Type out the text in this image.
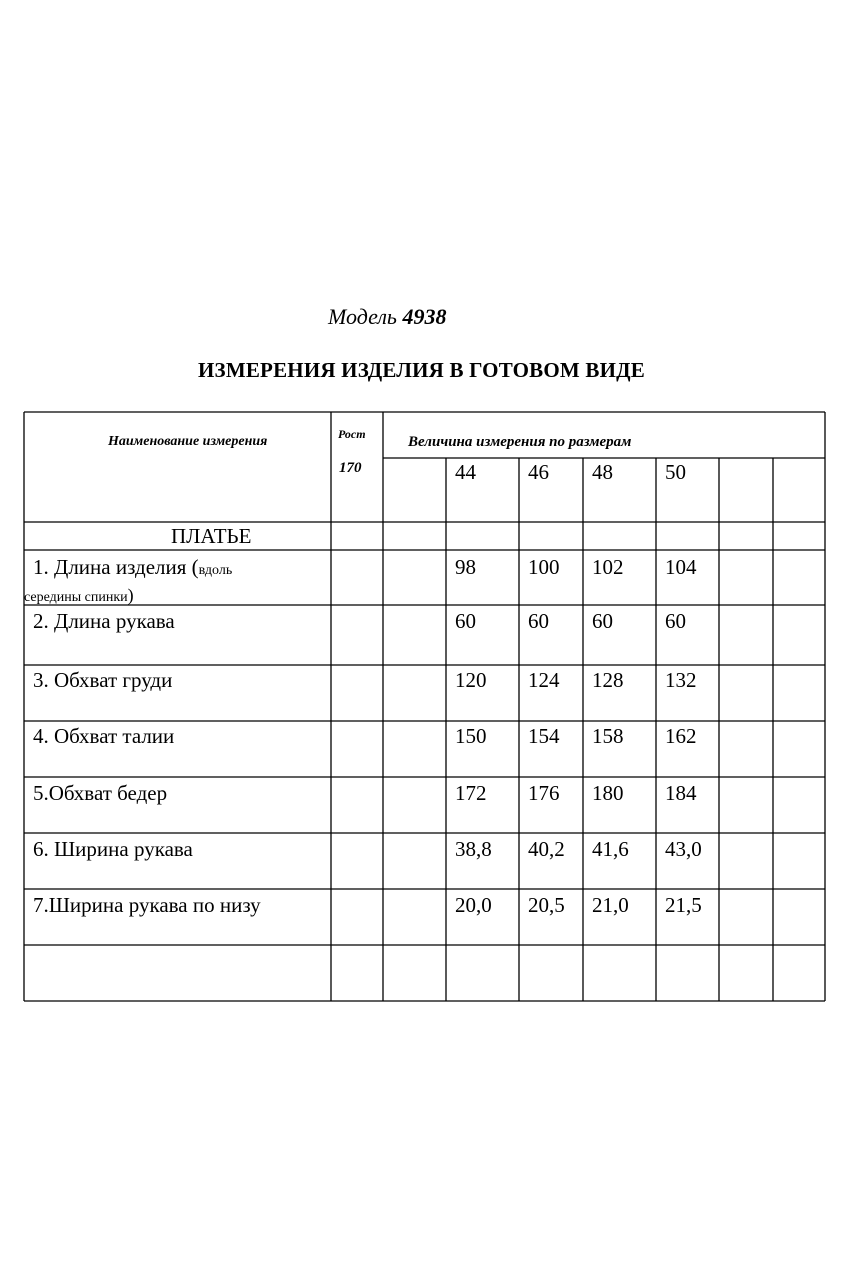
Модель 4938
ИЗМЕРЕНИЯ ИЗДЕЛИЯ В ГОТОВОМ ВИДЕ
Наименование измерения	Рост
170
Величина измерения по размерам
44 46 48 50
ПЛАТЬЕ
1. Длина изделия (вдоль
середины спинки)
98 100 102 104
2. Длина рукава	60 60 60 60
3. Обхват груди	120 124 128 132
4. Обхват талии	150 154 158 162
5.Обхват бедер	172 176 180 184
6. Ширина рукава	38,8 40,2 41,6 43,0
7.Ширина рукава по низу	20,0 20,5 21,0 21,5
